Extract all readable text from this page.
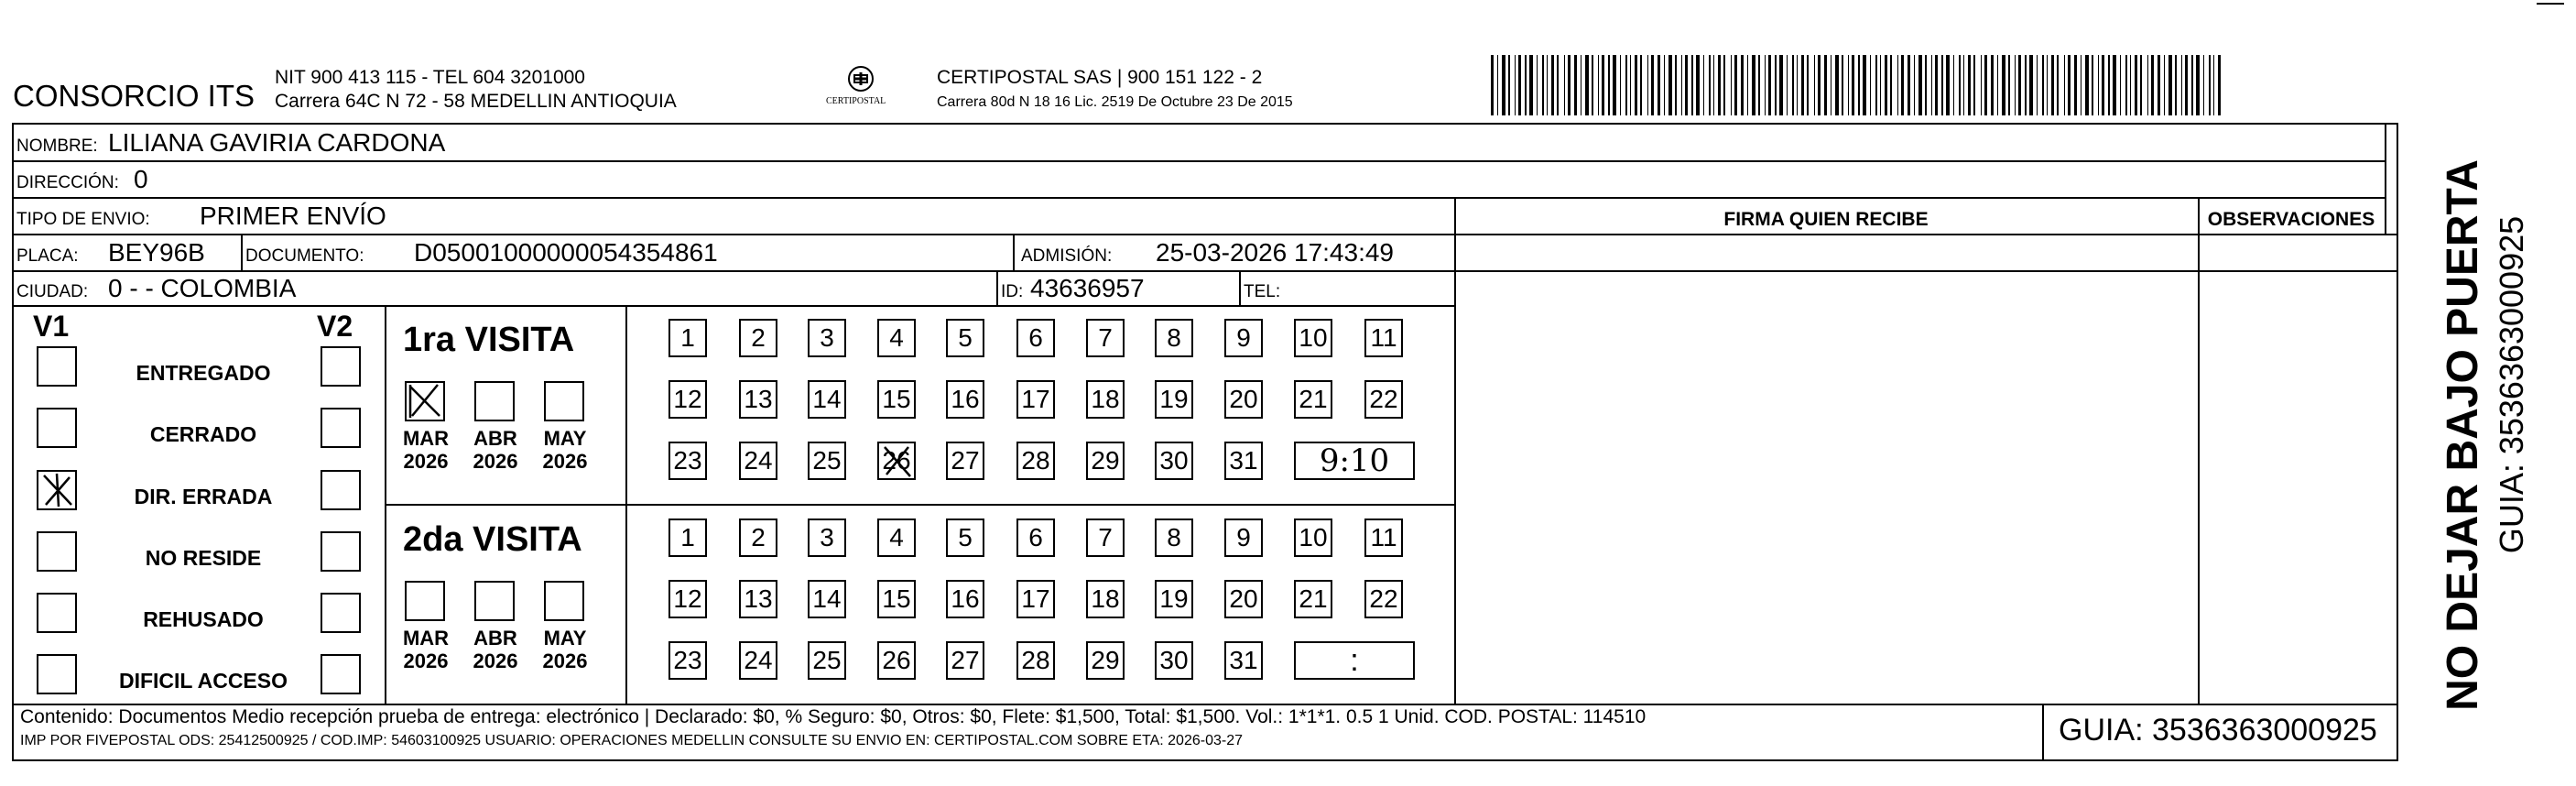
CONSORCIO ITS
NIT 900 413 115 - TEL 604 3201000
Carrera 64C N 72 - 58 MEDELLIN ANTIOQUIA	CERTIPOSTAL
CERTIPOSTAL SAS | 900 151 122 - 2
Carrera 80d N 18 16 Lic. 2519 De Octubre 23 De 2015
NOMBRE: LILIANA GAVIRIA CARDONA
DIRECCIÓN: 0
TIPO DE ENVIO: PRIMER ENVÍO	FIRMA QUIEN RECIBE	OBSERVACIONES
PLACA: BEY96B DOCUMENTO: D05001000000054354861	ADMISIÓN: 25-03-2026 17:43:49
CIUDAD: 0 - - COLOMBIA	ID: 43636957	TEL:
V1	V2
ENTREGADO
CERRADO
DIR. ERRADA
NO RESIDE
REHUSADO
DIFICIL ACCESO
1ra VISITA
MAR
2026
ABR
2026
MAY
2026
1 2 3 4 5 6 7 8 9 10 11
12 13 14 15 16 17 18 19 20 21 22
23 24 25 26 27 28 29 30 31 9:10
2da VISITA
MAR
2026
ABR
2026
MAY
2026
1 2 3 4 5 6 7 8 9 10 11
12 13 14 15 16 17 18 19 20 21 22
23 24 25 26 27 28 29 30 31	:
Contenido: Documentos Medio recepción prueba de entrega: electrónico | Declarado: $0, % Seguro: $0, Otros: $0, Flete: $1,500, Total: $1,500. Vol.: 1*1*1. 0.5 1 Unid. COD. POSTAL: 114510
IMP POR FIVEPOSTAL ODS: 25412500925 / COD.IMP: 54603100925 USUARIO: OPERACIONES MEDELLIN CONSULTE SU ENVIO EN: CERTIPOSTAL.COM SOBRE ETA: 2026-03-27	GUIA: 3536363000925
NO DEJAR BAJO PUERTA GUIA: 3536363000925
